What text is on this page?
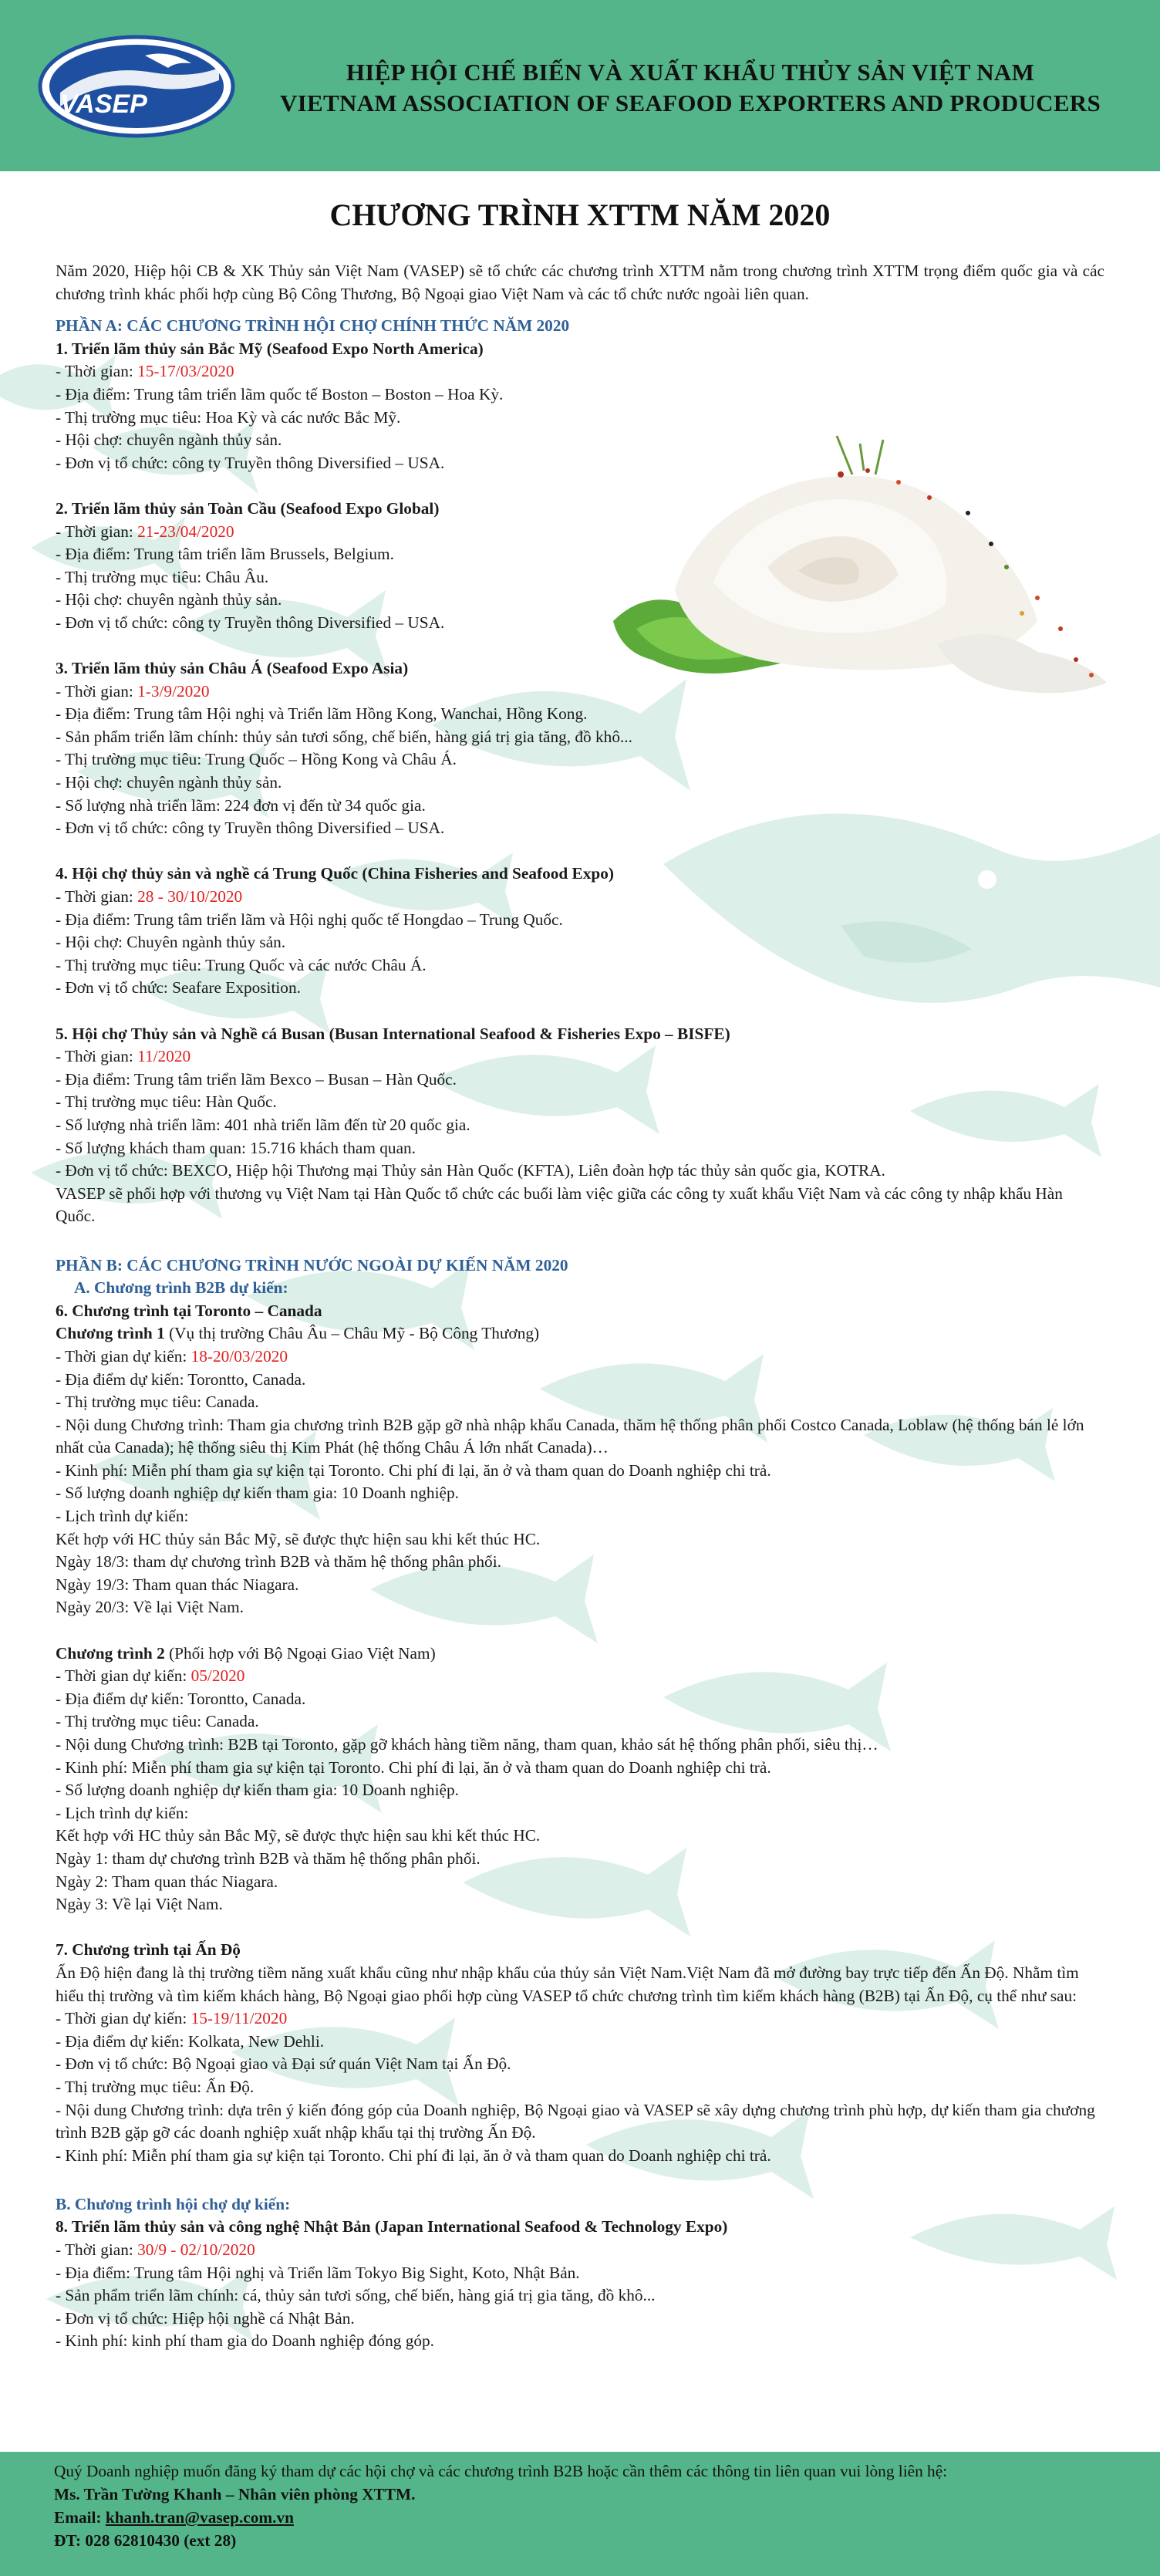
VASEP
HIỆP HỘI CHẾ BIẾN VÀ XUẤT KHẨU THỦY SẢN VIỆT NAM
VIETNAM ASSOCIATION OF SEAFOOD EXPORTERS AND PRODUCERS
CHƯƠNG TRÌNH XTTM NĂM 2020

Năm 2020, Hiệp hội CB & XK Thủy sản Việt Nam (VASEP) sẽ tổ chức các chương trình XTTM nằm trong chương trình XTTM trọng điểm quốc gia và các chương trình khác phối hợp cùng Bộ Công Thương, Bộ Ngoại giao Việt Nam và các tổ chức nước ngoài liên quan.

PHẦN A: CÁC CHƯƠNG TRÌNH HỘI CHỢ CHÍNH THỨC NĂM 2020
1. Triển lãm thủy sản Bắc Mỹ (Seafood Expo North America)
- Thời gian: 15-17/03/2020
- Địa điểm: Trung tâm triển lãm quốc tế Boston – Boston – Hoa Kỳ.
- Thị trường mục tiêu: Hoa Kỳ và các nước Bắc Mỹ.
- Hội chợ: chuyên ngành thủy sản.
- Đơn vị tổ chức: công ty Truyền thông Diversified – USA.
2. Triển lãm thủy sản Toàn Cầu (Seafood Expo Global)
- Thời gian: 21-23/04/2020
- Địa điểm: Trung tâm triển lãm Brussels, Belgium.
- Thị trường mục tiêu: Châu Âu.
- Hội chợ: chuyên ngành thủy sản.
- Đơn vị tổ chức: công ty Truyền thông Diversified – USA.
3. Triển lãm thủy sản Châu Á (Seafood Expo Asia)
- Thời gian: 1-3/9/2020
- Địa điểm: Trung tâm Hội nghị và Triển lãm Hồng Kong, Wanchai, Hồng Kong.
- Sản phẩm triển lãm chính: thủy sản tươi sống, chế biến, hàng giá trị gia tăng, đồ khô...
- Thị trường mục tiêu: Trung Quốc – Hồng Kong và Châu Á.
- Hội chợ: chuyên ngành thủy sản.
- Số lượng nhà triển lãm: 224 đơn vị đến từ 34 quốc gia.
- Đơn vị tổ chức: công ty Truyền thông Diversified – USA.
4. Hội chợ thủy sản và nghề cá Trung Quốc (China Fisheries and Seafood Expo)
- Thời gian: 28 - 30/10/2020
- Địa điểm: Trung tâm triển lãm và Hội nghị quốc tế Hongdao – Trung Quốc.
- Hội chợ: Chuyên ngành thủy sản.
- Thị trường mục tiêu: Trung Quốc và các nước Châu Á.
- Đơn vị tổ chức: Seafare Exposition.
5. Hội chợ Thủy sản và Nghề cá Busan (Busan International Seafood & Fisheries Expo – BISFE)
- Thời gian: 11/2020
- Địa điểm: Trung tâm triển lãm Bexco – Busan – Hàn Quốc.
- Thị trường mục tiêu: Hàn Quốc.
- Số lượng nhà triển lãm: 401 nhà triển lãm đến từ 20 quốc gia.
- Số lượng khách tham quan: 15.716 khách tham quan.
- Đơn vị tổ chức: BEXCO, Hiệp hội Thương mại Thủy sản Hàn Quốc (KFTA), Liên đoàn hợp tác thủy sản quốc gia, KOTRA.
VASEP sẽ phối hợp với thương vụ Việt Nam tại Hàn Quốc tổ chức các buổi làm việc giữa các công ty xuất khẩu Việt Nam và các công ty nhập khẩu Hàn Quốc.
PHẦN B: CÁC CHƯƠNG TRÌNH NƯỚC NGOÀI DỰ KIẾN NĂM 2020
A. Chương trình B2B dự kiến:
6. Chương trình tại Toronto – Canada
Chương trình 1 (Vụ thị trường Châu Âu – Châu Mỹ - Bộ Công Thương)
- Thời gian dự kiến: 18-20/03/2020
- Địa điểm dự kiến: Torontto, Canada.
- Thị trường mục tiêu: Canada.
- Nội dung Chương trình: Tham gia chương trình B2B gặp gỡ nhà nhập khẩu Canada, thăm hệ thống phân phối Costco Canada, Loblaw (hệ thống bán lẻ lớn nhất của Canada); hệ thống siêu thị Kim Phát (hệ thống Châu Á lớn nhất Canada)…
- Kinh phí: Miễn phí tham gia sự kiện tại Toronto. Chi phí đi lại, ăn ở và tham quan do Doanh nghiệp chi trả.
- Số lượng doanh nghiệp dự kiến tham gia: 10 Doanh nghiệp.
- Lịch trình dự kiến:
Kết hợp với HC thủy sản Bắc Mỹ, sẽ được thực hiện sau khi kết thúc HC.
Ngày 18/3: tham dự chương trình B2B và thăm hệ thống phân phối.
Ngày 19/3: Tham quan thác Niagara.
Ngày 20/3: Về lại Việt Nam.
Chương trình 2 (Phối hợp với Bộ Ngoại Giao Việt Nam)
- Thời gian dự kiến: 05/2020
- Địa điểm dự kiến: Torontto, Canada.
- Thị trường mục tiêu: Canada.
- Nội dung Chương trình: B2B tại Toronto, gặp gỡ khách hàng tiềm năng, tham quan, khảo sát hệ thống phân phối, siêu thị…
- Kinh phí: Miễn phí tham gia sự kiện tại Toronto. Chi phí đi lại, ăn ở và tham quan do Doanh nghiệp chi trả.
- Số lượng doanh nghiệp dự kiến tham gia: 10 Doanh nghiệp.
- Lịch trình dự kiến:
Kết hợp với HC thủy sản Bắc Mỹ, sẽ được thực hiện sau khi kết thúc HC.
Ngày 1: tham dự chương trình B2B và thăm hệ thống phân phối.
Ngày 2: Tham quan thác Niagara.
Ngày 3: Về lại Việt Nam.
7. Chương trình tại Ấn Độ
Ấn Độ hiện đang là thị trường tiềm năng xuất khẩu cũng như nhập khẩu của thủy sản Việt Nam.Việt Nam đã mở đường bay trực tiếp đến Ấn Độ. Nhằm tìm hiểu thị trường và tìm kiếm khách hàng, Bộ Ngoại giao phối hợp cùng VASEP tổ chức chương trình tìm kiếm khách hàng (B2B) tại Ấn Độ, cụ thể như sau:
- Thời gian dự kiến: 15-19/11/2020
- Địa điểm dự kiến: Kolkata, New Dehli.
- Đơn vị tổ chức: Bộ Ngoại giao và Đại sứ quán Việt Nam tại Ấn Độ.
- Thị trường mục tiêu: Ấn Độ.
- Nội dung Chương trình: dựa trên ý kiến đóng góp của Doanh nghiệp, Bộ Ngoại giao và VASEP sẽ xây dựng chương trình phù hợp, dự kiến tham gia chương trình B2B gặp gỡ các doanh nghiệp xuất nhập khẩu tại thị trường Ấn Độ.
- Kinh phí: Miễn phí tham gia sự kiện tại Toronto. Chi phí đi lại, ăn ở và tham quan do Doanh nghiệp chi trả.
B. Chương trình hội chợ dự kiến:
8. Triển lãm thủy sản và công nghệ Nhật Bản (Japan International Seafood & Technology Expo)
- Thời gian: 30/9 - 02/10/2020
- Địa điểm: Trung tâm Hội nghị và Triển lãm Tokyo Big Sight, Koto, Nhật Bản.
- Sản phẩm triển lãm chính: cá, thủy sản tươi sống, chế biến, hàng giá trị gia tăng, đồ khô...
- Đơn vị tổ chức: Hiệp hội nghề cá Nhật Bản.
- Kinh phí: kinh phí tham gia do Doanh nghiệp đóng góp.
Quý Doanh nghiệp muốn đăng ký tham dự các hội chợ và các chương trình B2B hoặc cần thêm các thông tin liên quan vui lòng liên hệ:
Ms. Trần Tường Khanh – Nhân viên phòng XTTM.
Email: khanh.tran@vasep.com.vn
ĐT: 028 62810430 (ext 28)
